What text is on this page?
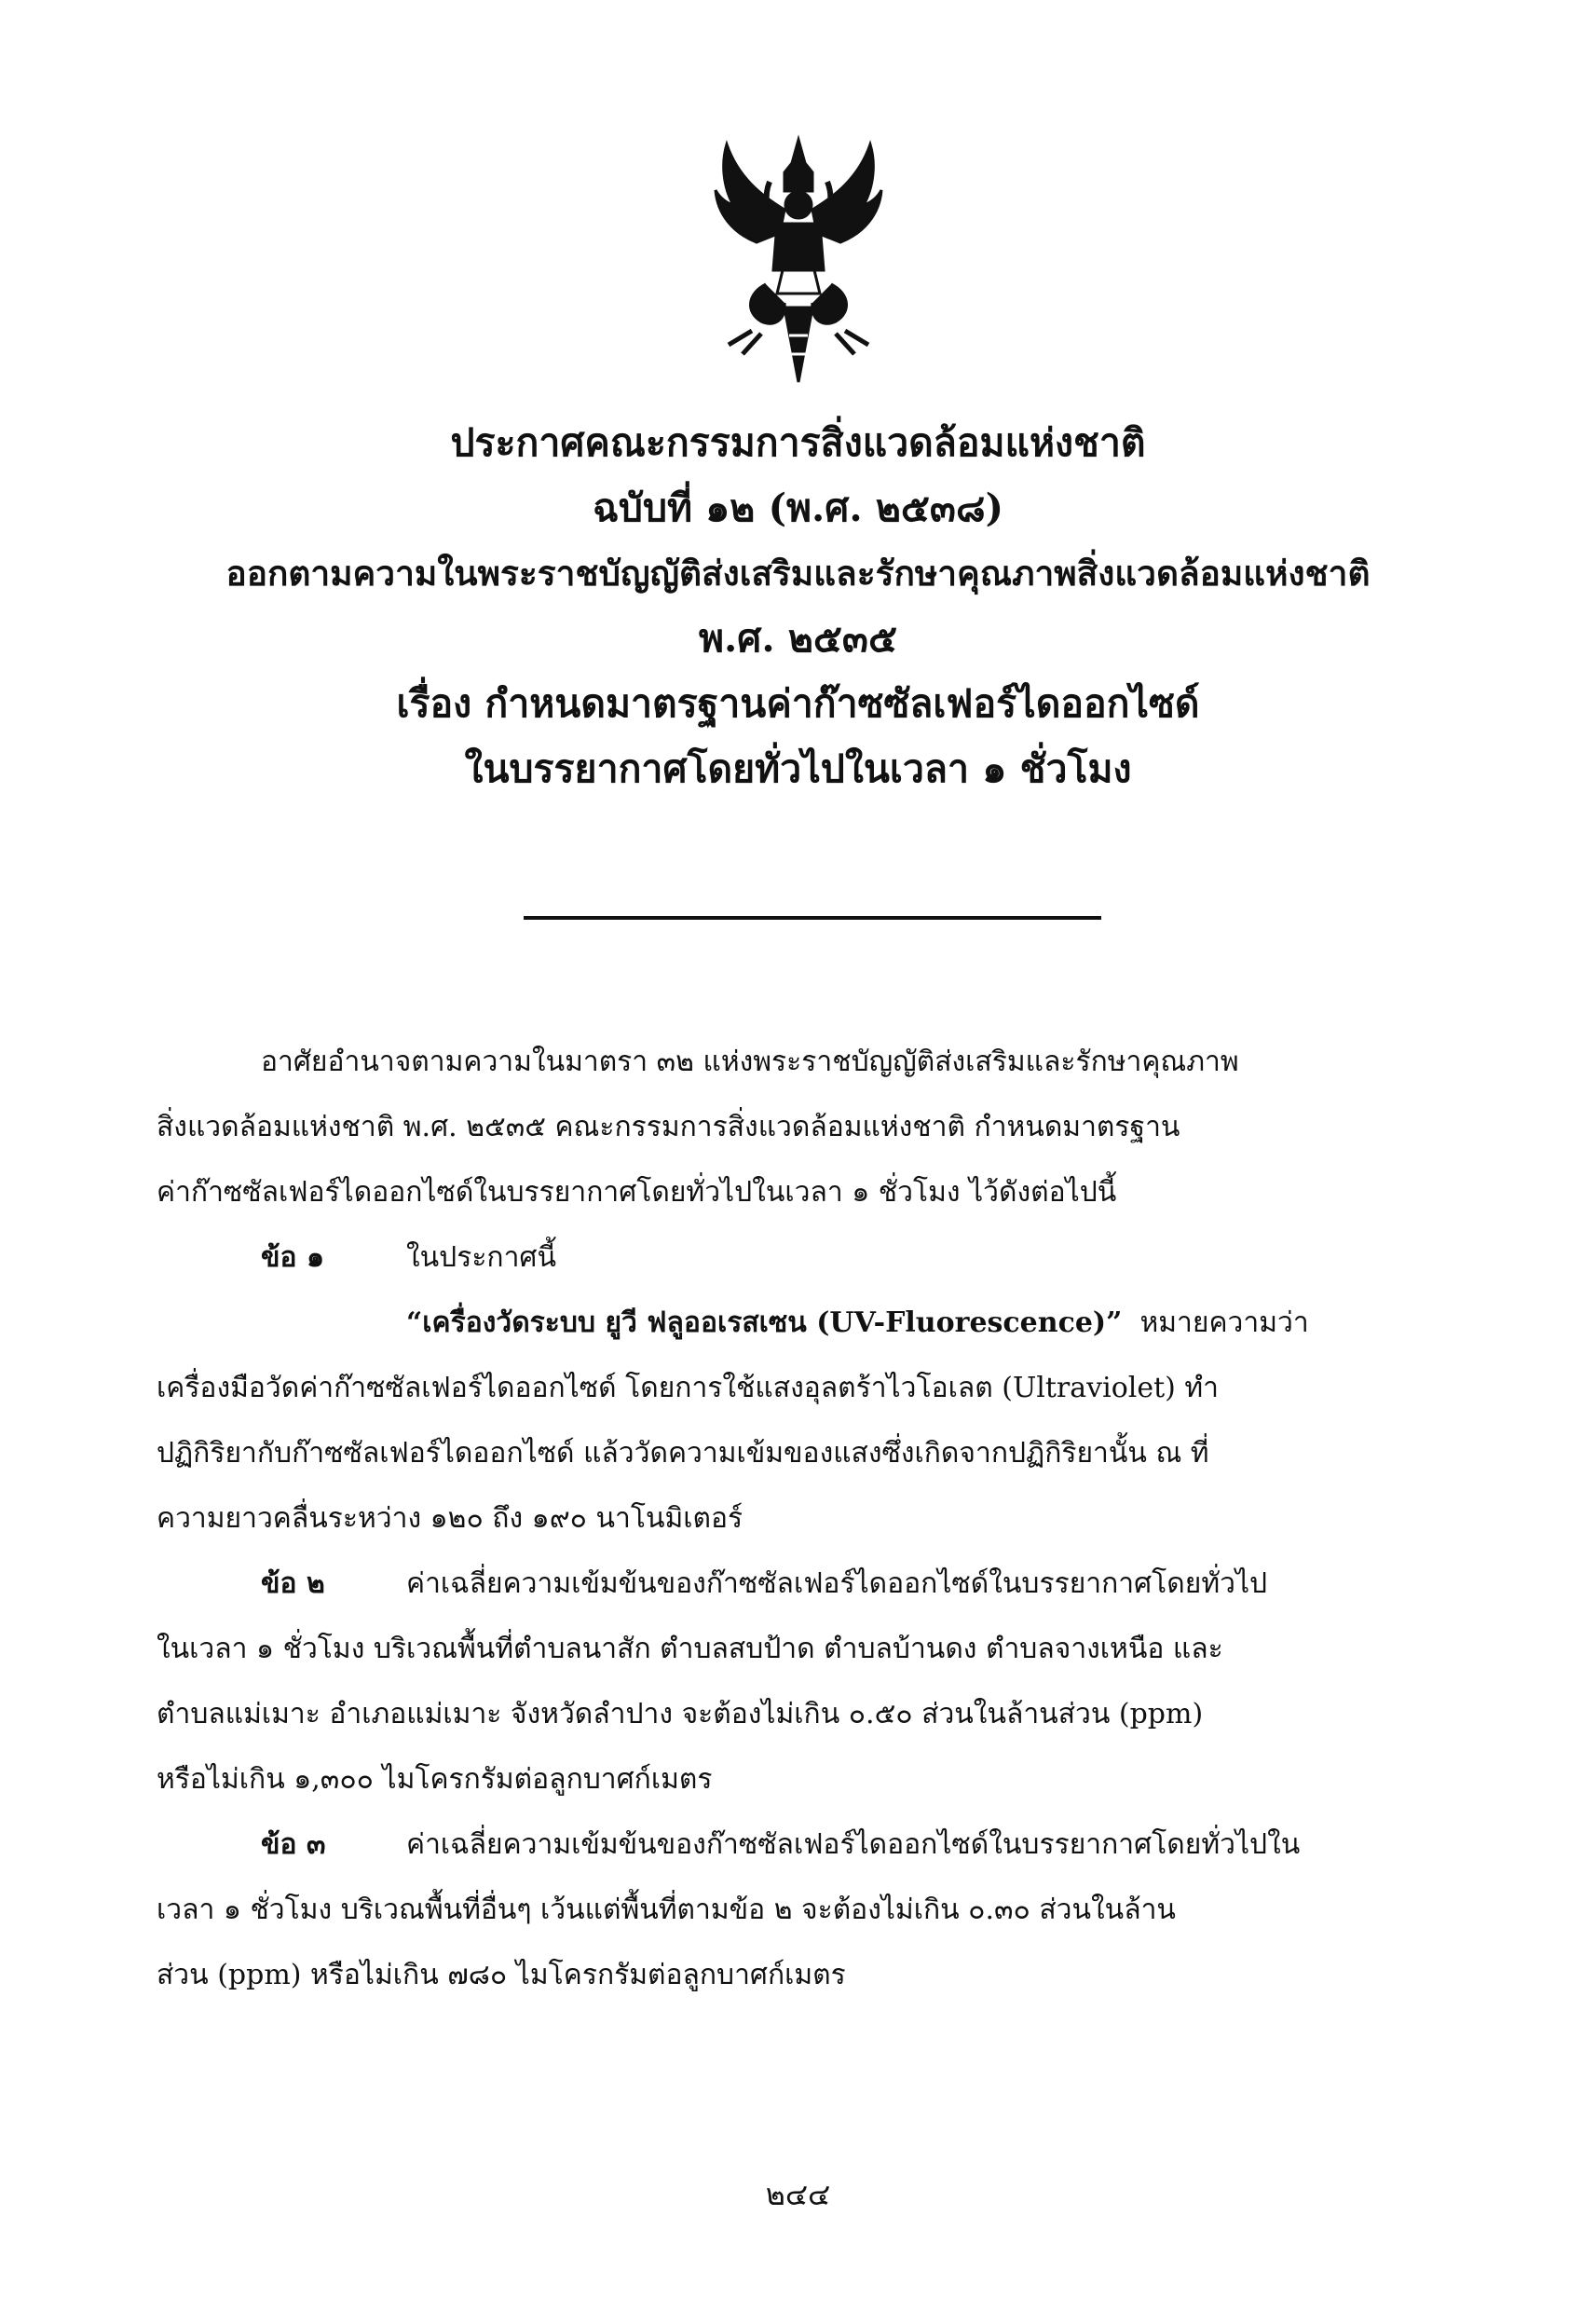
ประกาศคณะกรรมการสิ่งแวดล้อมแห่งชาติ
ฉบับที่ ๑๒ (พ.ศ. ๒๕๓๘)
ออกตามความในพระราชบัญญัติส่งเสริมและรักษาคุณภาพสิ่งแวดล้อมแห่งชาติ
พ.ศ. ๒๕๓๕
เรื่อง กำหนดมาตรฐานค่าก๊าซซัลเฟอร์ไดออกไซด์
ในบรรยากาศโดยทั่วไปในเวลา ๑ ชั่วโมง
อาศัยอำนาจตามความในมาตรา ๓๒ แห่งพระราชบัญญัติส่งเสริมและรักษาคุณภาพ
สิ่งแวดล้อมแห่งชาติ พ.ศ. ๒๕๓๕ คณะกรรมการสิ่งแวดล้อมแห่งชาติ กำหนดมาตรฐาน
ค่าก๊าซซัลเฟอร์ไดออกไซด์ในบรรยากาศโดยทั่วไปในเวลา ๑ ชั่วโมง ไว้ดังต่อไปนี้
ข้อ ๑	ในประกาศนี้
“เครื่องวัดระบบ ยูวี ฟลูออเรสเซน (UV-Fluorescence)” หมายความว่า
เครื่องมือวัดค่าก๊าซซัลเฟอร์ไดออกไซด์ โดยการใช้แสงอุลตร้าไวโอเลต (Ultraviolet) ทำ
ปฏิกิริยากับก๊าซซัลเฟอร์ไดออกไซด์ แล้ววัดความเข้มของแสงซึ่งเกิดจากปฏิกิริยานั้น ณ ที่
ความยาวคลื่นระหว่าง ๑๒๐ ถึง ๑๙๐ นาโนมิเตอร์
ข้อ ๒	ค่าเฉลี่ยความเข้มข้นของก๊าซซัลเฟอร์ไดออกไซด์ในบรรยากาศโดยทั่วไป
ในเวลา ๑ ชั่วโมง บริเวณพื้นที่ตำบลนาสัก ตำบลสบป้าด ตำบลบ้านดง ตำบลจางเหนือ และ
ตำบลแม่เมาะ อำเภอแม่เมาะ จังหวัดลำปาง จะต้องไม่เกิน ๐.๕๐ ส่วนในล้านส่วน (ppm)
หรือไม่เกิน ๑,๓๐๐ ไมโครกรัมต่อลูกบาศก์เมตร
ข้อ ๓	ค่าเฉลี่ยความเข้มข้นของก๊าซซัลเฟอร์ไดออกไซด์ในบรรยากาศโดยทั่วไปใน
เวลา ๑ ชั่วโมง บริเวณพื้นที่อื่นๆ เว้นแต่พื้นที่ตามข้อ ๒ จะต้องไม่เกิน ๐.๓๐ ส่วนในล้าน
ส่วน (ppm) หรือไม่เกิน ๗๘๐ ไมโครกรัมต่อลูกบาศก์เมตร
๒๔๔
